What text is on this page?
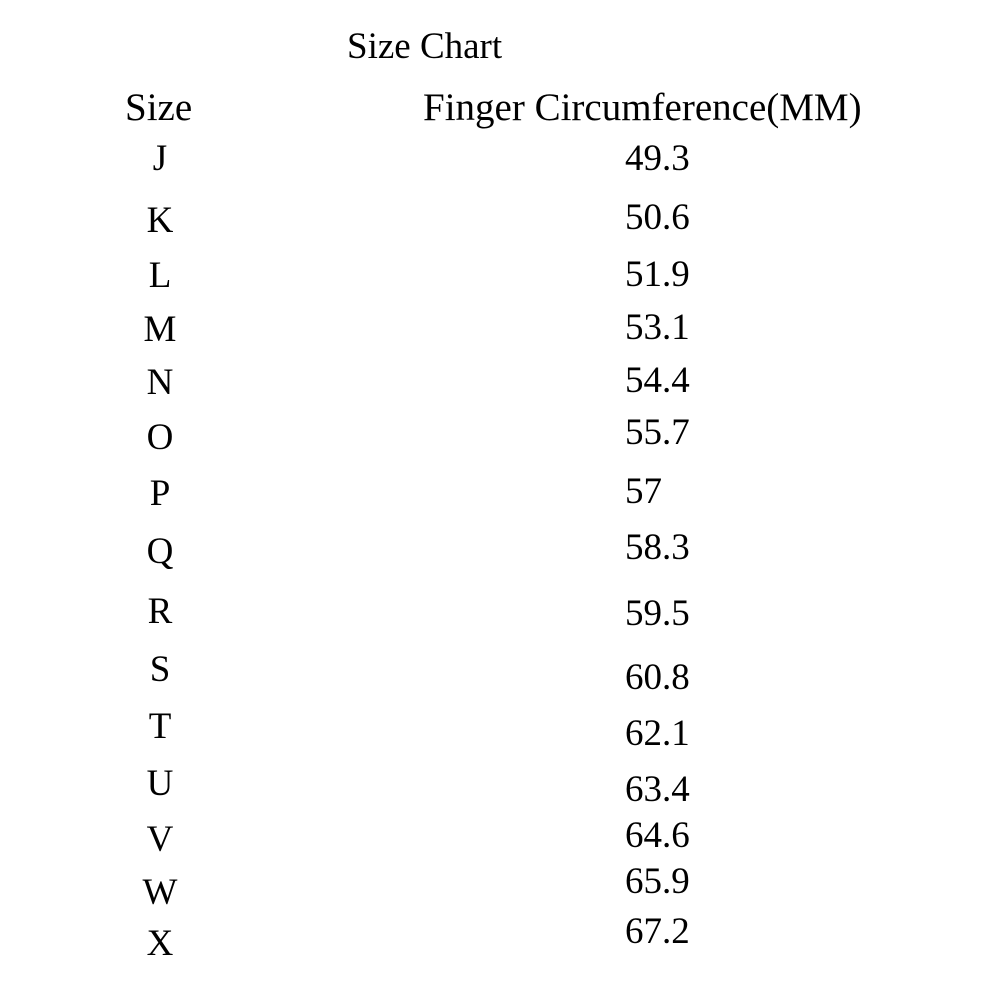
Size Chart
Size	Finger Circumference(MM)
J	49.3
K	50.6
L	51.9
M	53.1
N	54.4
O	55.7
P	57
Q	58.3
R	59.5
S	60.8
T	62.1
U	63.4
V	64.6
W	65.9
X	67.2
